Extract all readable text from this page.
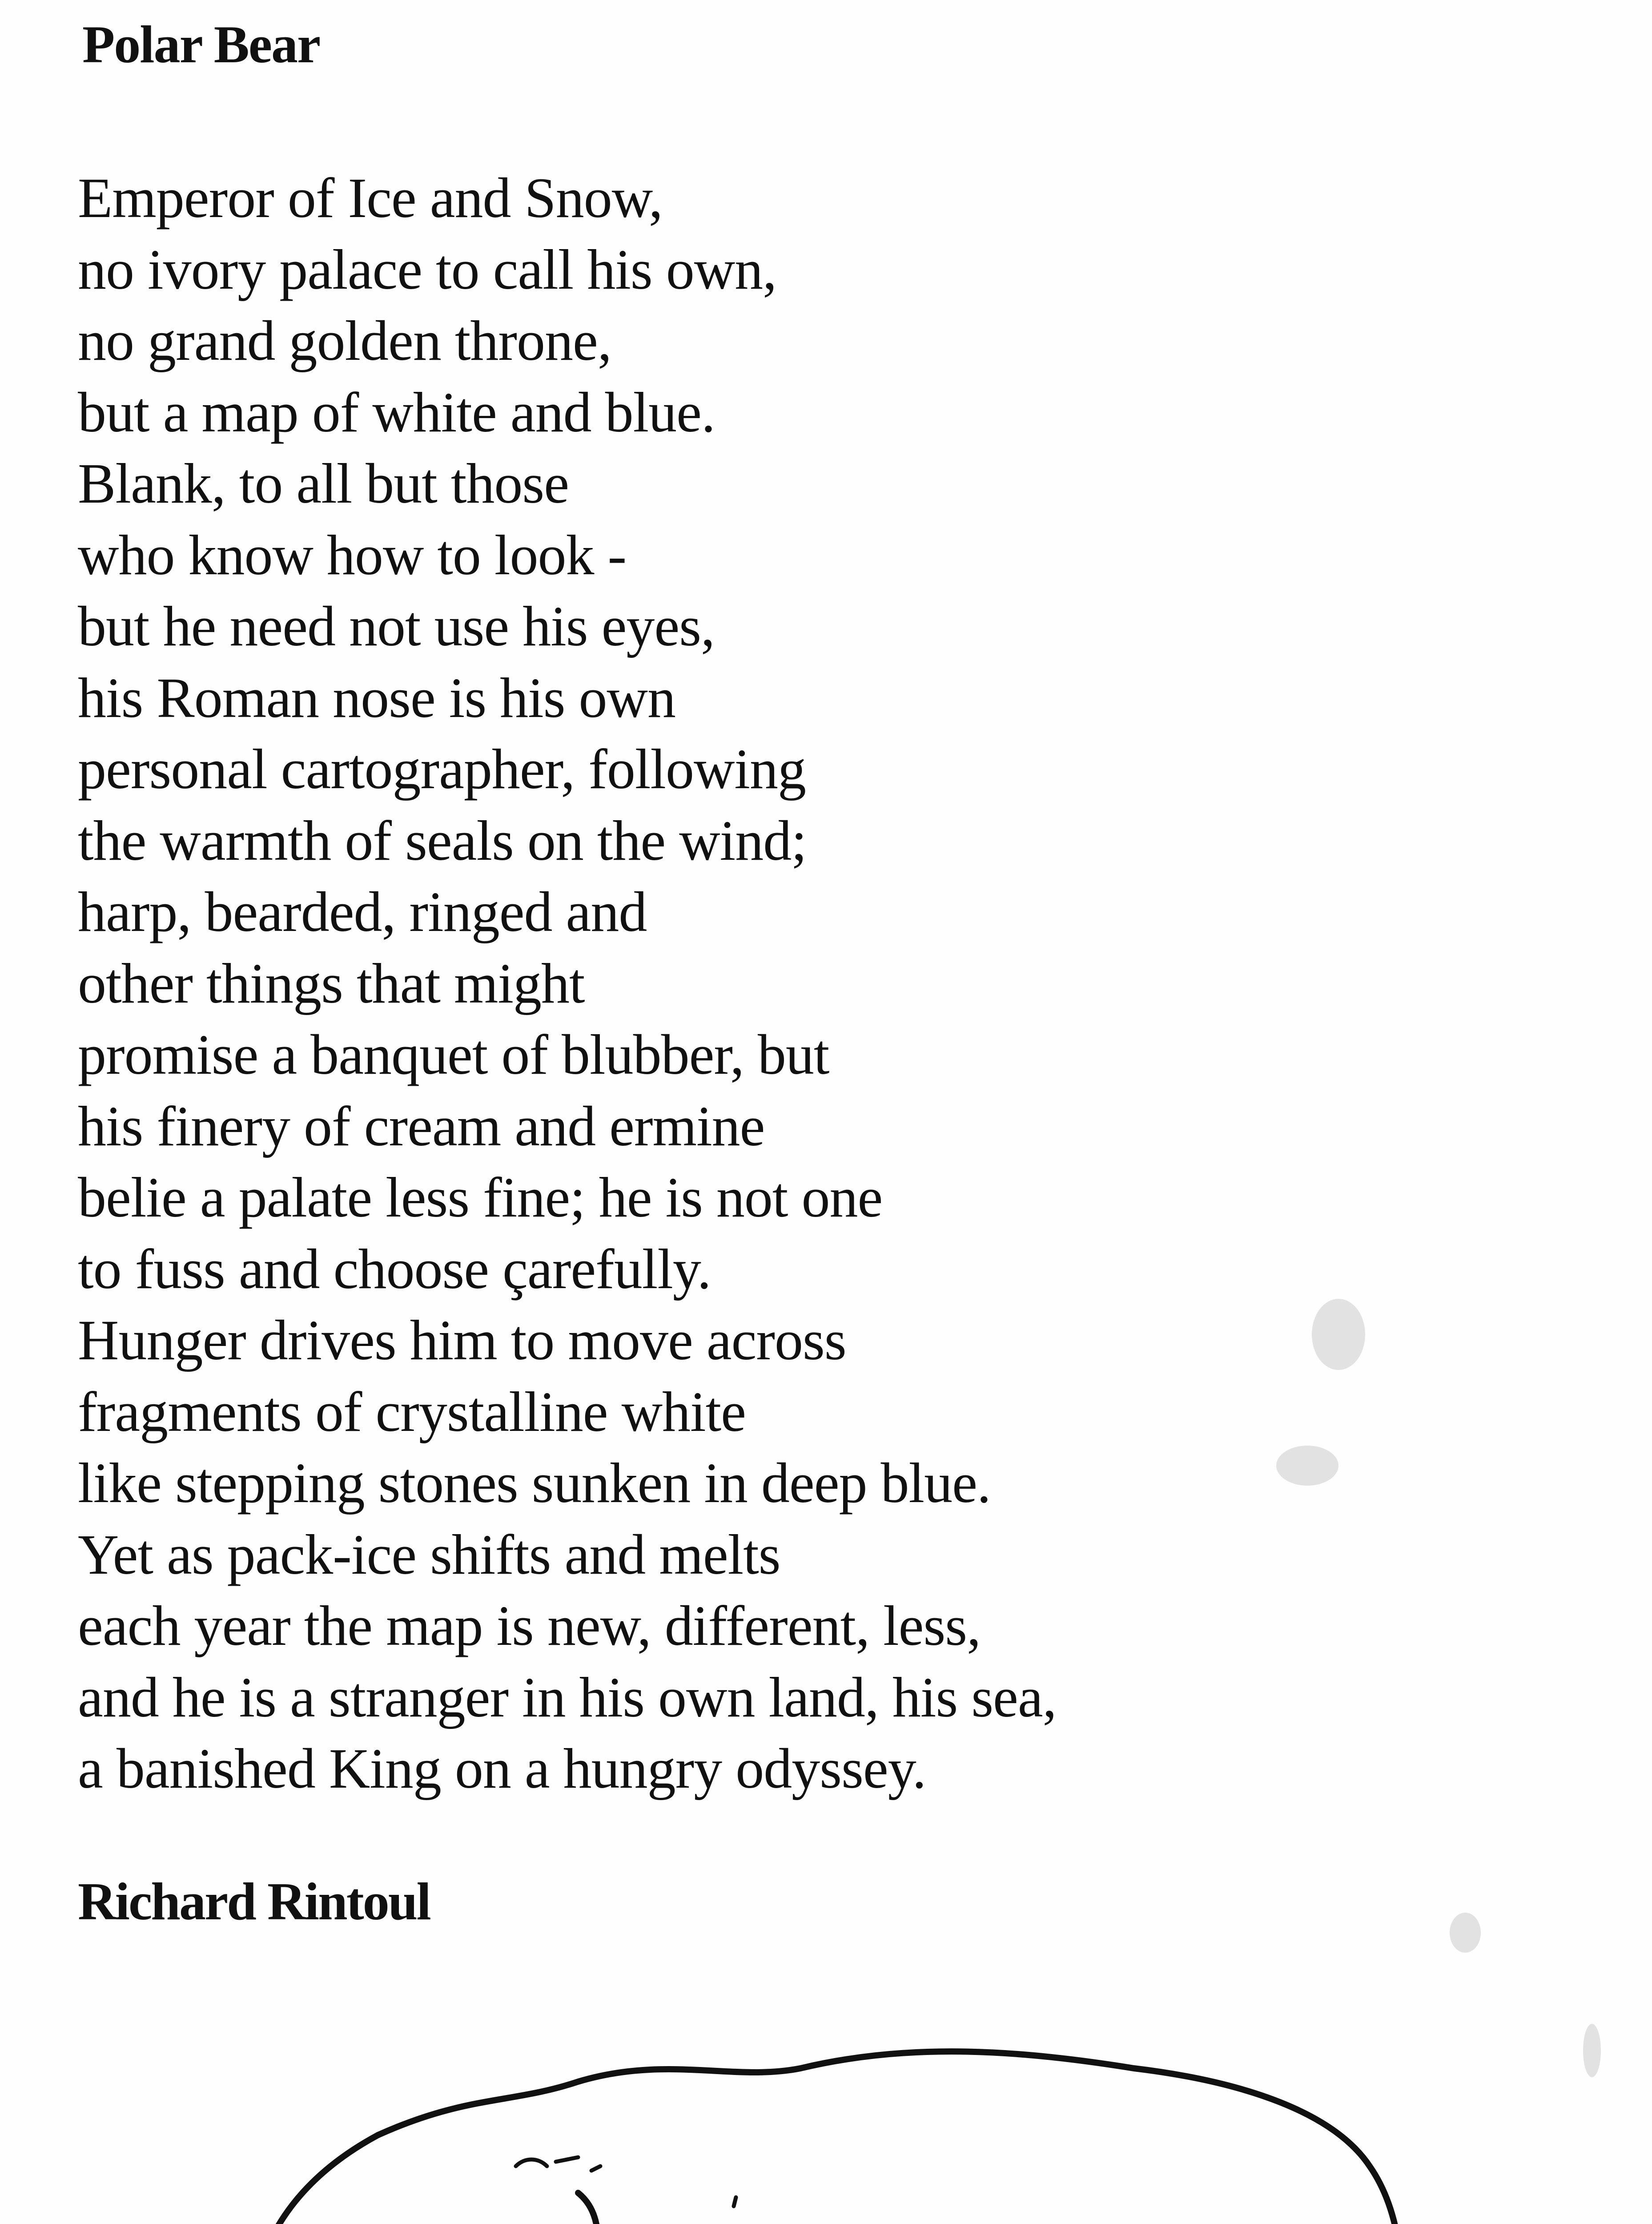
Polar Bear
Emperor of Ice and Snow,
no ivory palace to call his own,
no grand golden throne,
but a map of white and blue.
Blank, to all but those
who know how to look -
but he need not use his eyes,
his Roman nose is his own
personal cartographer, following
the warmth of seals on the wind;
harp, bearded, ringed and
other things that might
promise a banquet of blubber, but
his finery of cream and ermine
belie a palate less fine; he is not one
to fuss and choose çarefully.
Hunger drives him to move across
fragments of crystalline white
like stepping stones sunken in deep blue.
Yet as pack-ice shifts and melts
each year the map is new, different, less,
and he is a stranger in his own land, his sea,
a banished King on a hungry odyssey.

Richard Rintoul
